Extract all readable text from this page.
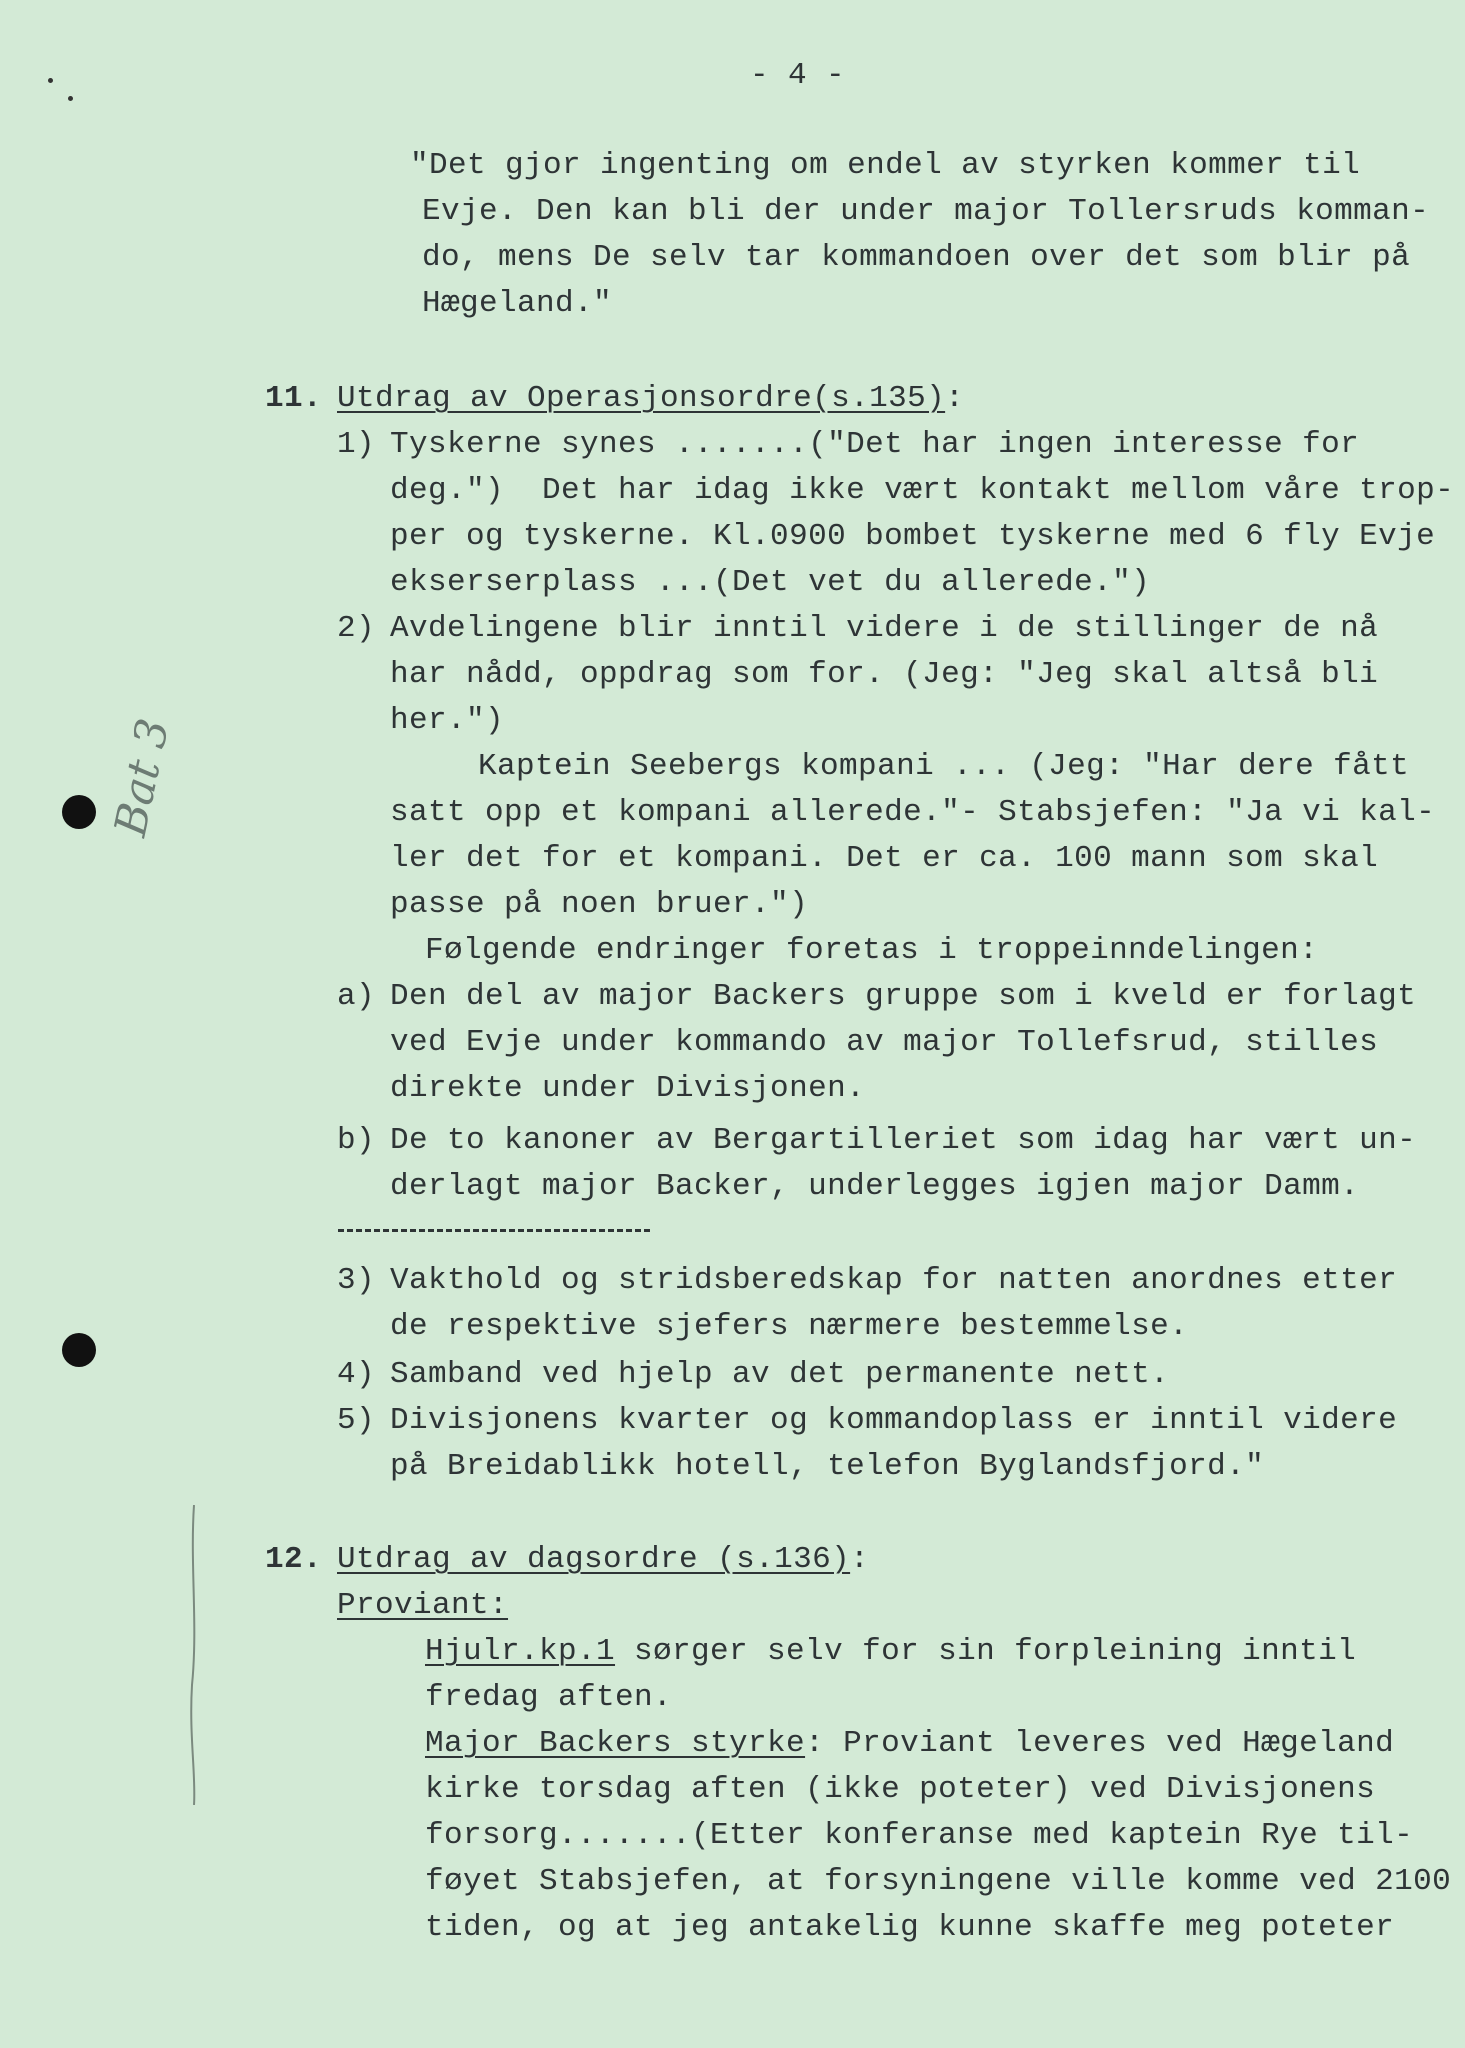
Bat 3
- 4 -
"Det gjor ingenting om endel av styrken kommer til
Evje. Den kan bli der under major Tollersruds komman-
do, mens De selv tar kommandoen over det som blir på
Hægeland."
11. Utdrag av Operasjonsordre(s.135):
1) Tyskerne synes .......("Det har ingen interesse for
deg.")  Det har idag ikke vært kontakt mellom våre trop-
per og tyskerne. Kl.0900 bombet tyskerne med 6 fly Evje
ekserserplass ...(Det vet du allerede.")
2) Avdelingene blir inntil videre i de stillinger de nå
har nådd, oppdrag som for. (Jeg: "Jeg skal altså bli
her.")
Kaptein Seebergs kompani ... (Jeg: "Har dere fått
satt opp et kompani allerede."- Stabsjefen: "Ja vi kal-
ler det for et kompani. Det er ca. 100 mann som skal
passe på noen bruer.")
Følgende endringer foretas i troppeinndelingen:
a) Den del av major Backers gruppe som i kveld er forlagt
ved Evje under kommando av major Tollefsrud, stilles
direkte under Divisjonen.
b) De to kanoner av Bergartilleriet som idag har vært un-
derlagt major Backer, underlegges igjen major Damm.
3) Vakthold og stridsberedskap for natten anordnes etter
de respektive sjefers nærmere bestemmelse.
4) Samband ved hjelp av det permanente nett.
5) Divisjonens kvarter og kommandoplass er inntil videre
på Breidablikk hotell, telefon Byglandsfjord."
12. Utdrag av dagsordre (s.136):
Proviant:
Hjulr.kp.1 sørger selv for sin forpleining inntil
fredag aften.
Major Backers styrke: Proviant leveres ved Hægeland
kirke torsdag aften (ikke poteter) ved Divisjonens
forsorg.......(Etter konferanse med kaptein Rye til-
føyet Stabsjefen, at forsyningene ville komme ved 2100
tiden, og at jeg antakelig kunne skaffe meg poteter
